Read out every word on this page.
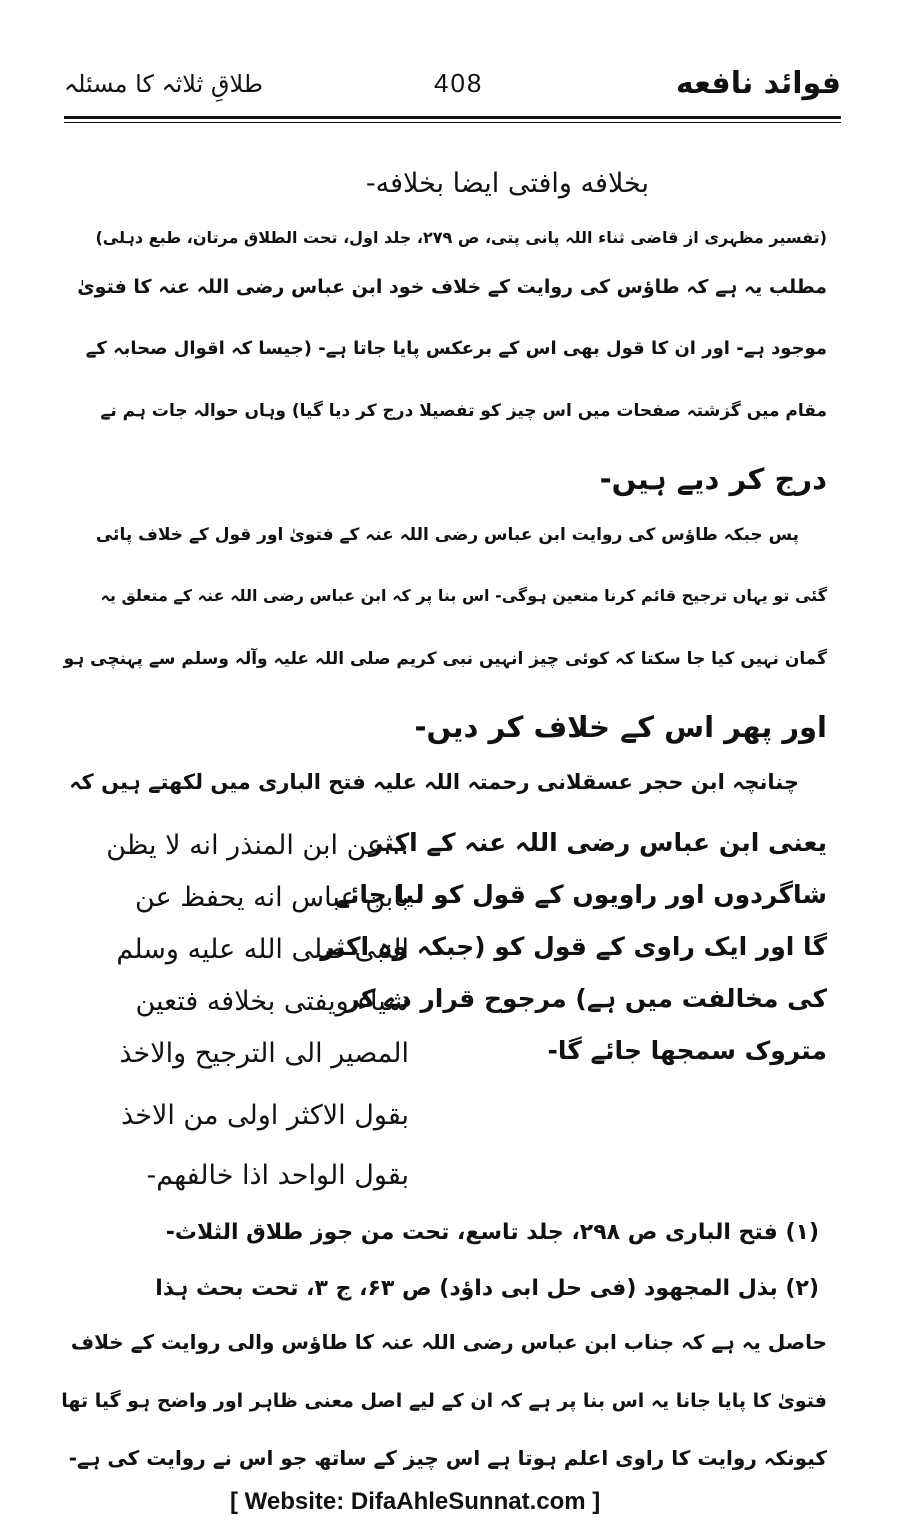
فوائد نافعه
408
طلاقِ ثلاثہ کا مسئلہ
بخلافه وافتی ایضا بخلافه-
(تفسیر مظہری از قاضی ثناء اللہ پانی پتی، ص ۲۷۹، جلد اول، تحت الطلاق مرتان، طبع دہلی)
مطلب یہ ہے کہ طاؤس کی روایت کے خلاف خود ابن عباس رضی اللہ عنہ کا فتویٰ
موجود ہے- اور ان کا قول بھی اس کے برعکس پایا جاتا ہے- (جیسا کہ اقوال صحابہ کے
مقام میں گزشتہ صفحات میں اس چیز کو تفصیلا درج کر دیا گیا) وہاں حوالہ جات ہم نے
درج کر دیے ہیں-
پس جبکہ طاؤس کی روایت ابن عباس رضی اللہ عنہ کے فتویٰ اور قول کے خلاف پائی
گئی تو یہاں ترجیح قائم کرنا متعین ہوگی- اس بنا پر کہ ابن عباس رضی اللہ عنہ کے متعلق یہ
گمان نہیں کیا جا سکتا کہ کوئی چیز انہیں نبی کریم صلی اللہ علیہ وآلہ وسلم سے پہنچی ہو
اور پھر اس کے خلاف کر دیں-
چنانچہ ابن حجر عسقلانی رحمتہ اللہ علیہ فتح الباری میں لکھتے ہیں کہ
...عن ابن المنذر انه لا یظن
بابن عباس انه یحفظ عن
النبی صلی الله علیه وسلم
شیاء ویفتی بخلافه فتعین
المصیر الی الترجیح والاخذ
بقول الاکثر اولی من الاخذ
بقول الواحد اذا خالفهم-
یعنی ابن عباس رضی اللہ عنہ کے اکثر
شاگردوں اور راویوں کے قول کو لیا جائے
گا اور ایک راوی کے قول کو (جبکہ وہ اکثر
کی مخالفت میں ہے) مرجوح قرار دے کر
متروک سمجھا جائے گا-
(۱) فتح الباری ص ۲۹۸، جلد تاسع، تحت من جوز طلاق الثلاث-
(۲) بذل المجهود (فی حل ابی داؤد) ص ۶۳، ج ۳، تحت بحث ہذا
حاصل یہ ہے کہ جناب ابن عباس رضی اللہ عنہ کا طاؤس والی روایت کے خلاف
فتویٰ کا پایا جانا یہ اس بنا پر ہے کہ ان کے لیے اصل معنی ظاہر اور واضح ہو گیا تھا
کیونکہ روایت کا راوی اعلم ہوتا ہے اس چیز کے ساتھ جو اس نے روایت کی ہے-
[ Website: DifaAhleSunnat.com ]
